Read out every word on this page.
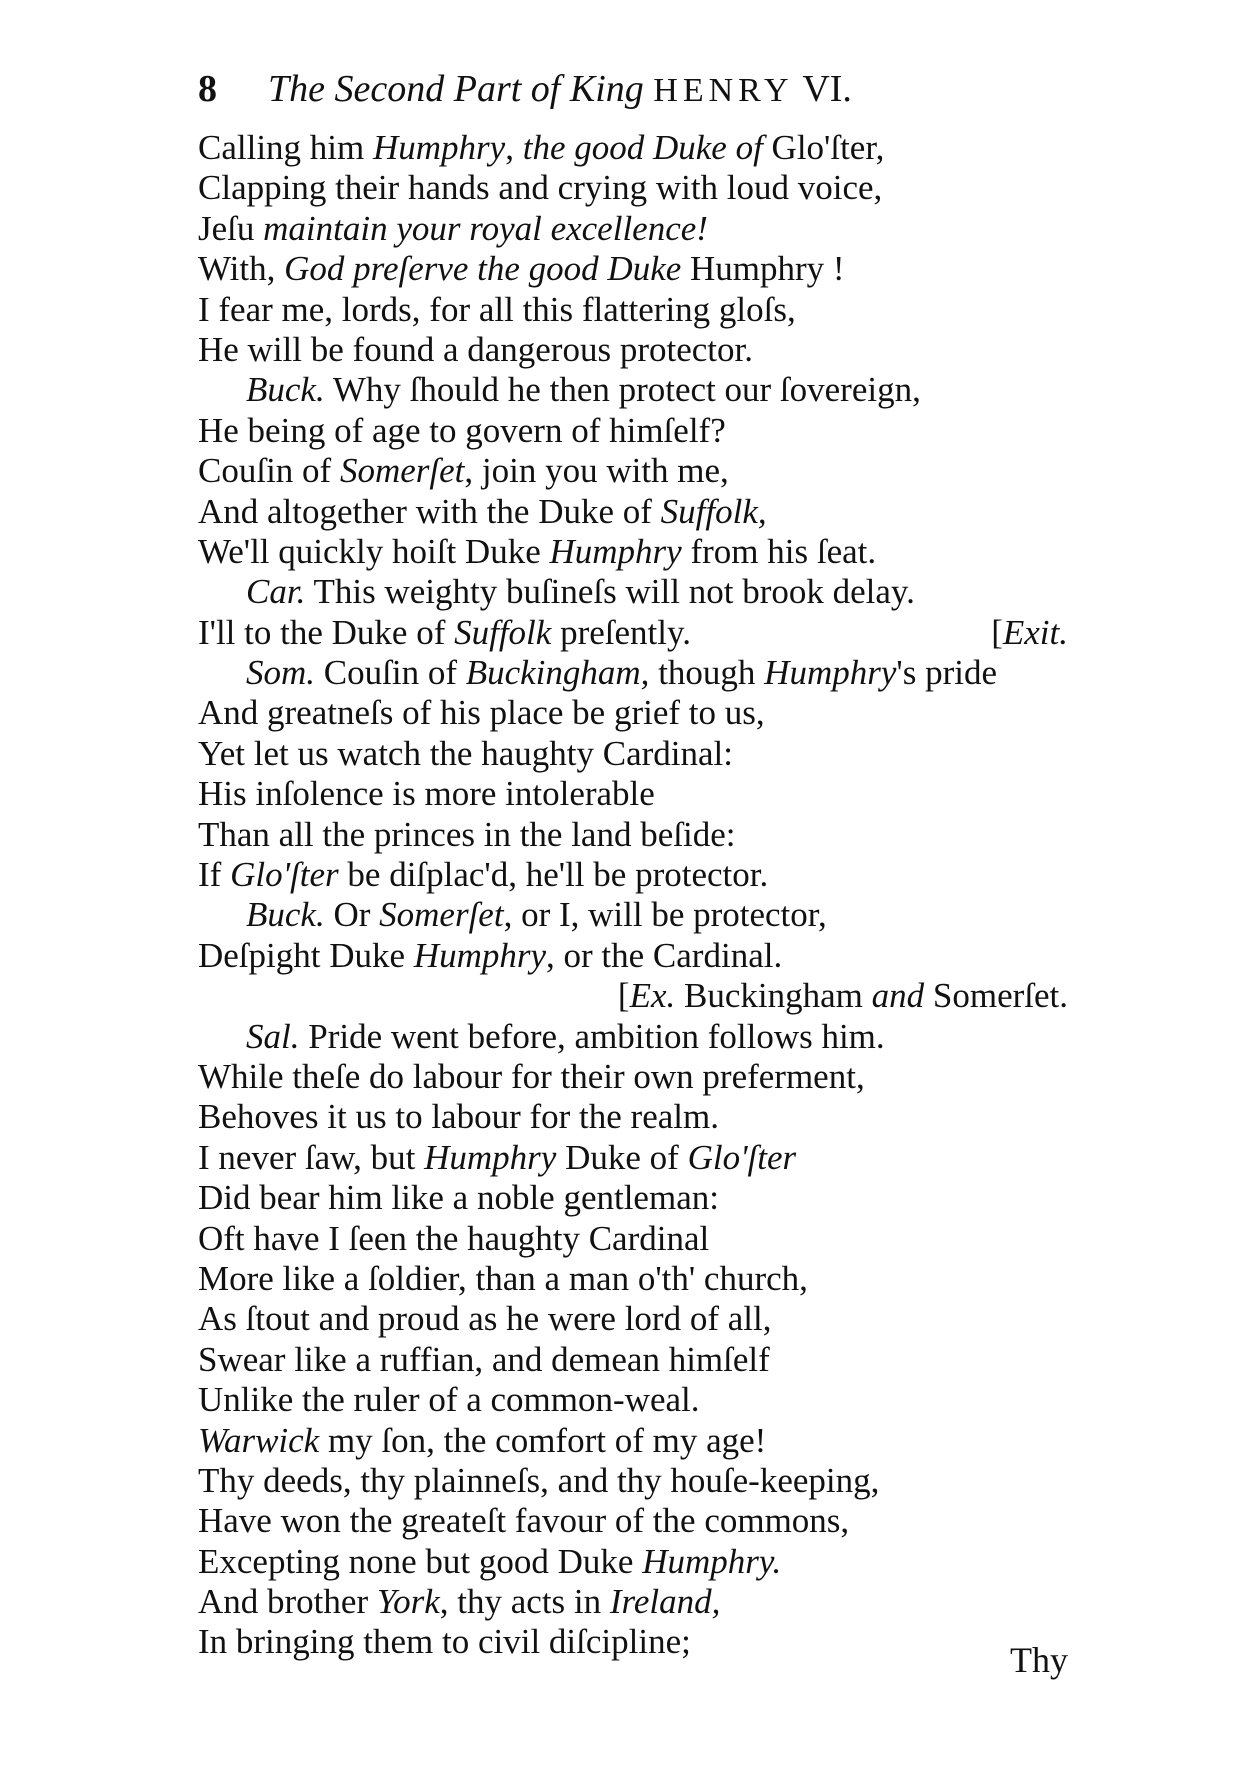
8 The Second Part of King HENRY VI.
Calling him Humphry, the good Duke of Glo'ſter,
Clapping their hands and crying with loud voice,
Jeſu maintain your royal excellence!
With, God preſerve the good Duke Humphry !
I fear me, lords, for all this flattering gloſs,
He will be found a dangerous protector.
Buck. Why ſhould he then protect our ſovereign,
He being of age to govern of himſelf?
Couſin of Somerſet, join you with me,
And altogether with the Duke of Suffolk,
We'll quickly hoiſt Duke Humphry from his ſeat.
Car. This weighty buſineſs will not brook delay.
I'll to the Duke of Suffolk preſently.	[Exit.
Som. Couſin of Buckingham, though Humphry's pride
And greatneſs of his place be grief to us,
Yet let us watch the haughty Cardinal:
His inſolence is more intolerable
Than all the princes in the land beſide:
If Glo'ſter be diſplac'd, he'll be protector.
Buck. Or Somerſet, or I, will be protector,
Deſpight Duke Humphry, or the Cardinal.
[Ex. Buckingham and Somerſet.
Sal. Pride went before, ambition follows him.
While theſe do labour for their own preferment,
Behoves it us to labour for the realm.
I never ſaw, but Humphry Duke of Glo'ſter
Did bear him like a noble gentleman:
Oft have I ſeen the haughty Cardinal
More like a ſoldier, than a man o'th' church,
As ſtout and proud as he were lord of all,
Swear like a ruffian, and demean himſelf
Unlike the ruler of a common-weal.
Warwick my ſon, the comfort of my age!
Thy deeds, thy plainneſs, and thy houſe-keeping,
Have won the greateſt favour of the commons,
Excepting none but good Duke Humphry.
And brother York, thy acts in Ireland,
In bringing them to civil diſcipline;	Thy
